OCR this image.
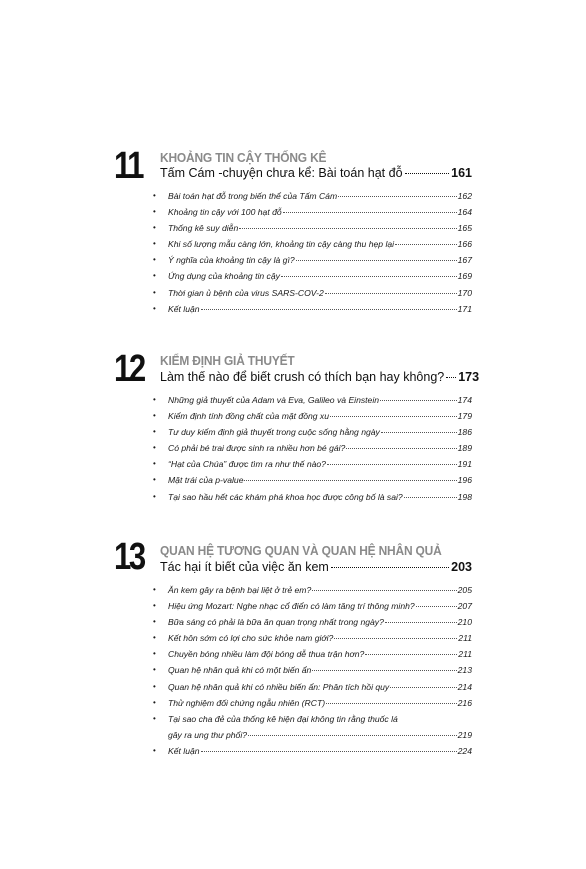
11 KHOẢNG TIN CẬY THỐNG KÊ
Tấm Cám -chuyện chưa kể: Bài toán hạt đỗ	161
• Bài toán hạt đỗ trong biến thể của Tấm Cám	162
• Khoảng tin cậy với 100 hạt đỗ	164
• Thống kê suy diễn	165
• Khi số lượng mẫu càng lớn, khoảng tin cậy càng thu hẹp lại	166
• Ý nghĩa của khoảng tin cậy là gì?	167
• Ứng dụng của khoảng tin cậy	169
• Thời gian ủ bệnh của virus SARS-COV-2	170
• Kết luận	171
12 KIỂM ĐỊNH GIẢ THUYẾT
Làm thế nào để biết crush có thích bạn hay không? 173
• Những giả thuyết của Adam và Eva, Galileo và Einstein	174
• Kiểm định tính đồng chất của mặt đồng xu	179
• Tư duy kiểm định giả thuyết trong cuộc sống hằng ngày	186
• Có phải bé trai được sinh ra nhiều hơn bé gái?	189
• “Hạt của Chúa” được tìm ra như thế nào?	191
• Mặt trái của p-value	196
• Tại sao hầu hết các khám phá khoa học được công bố là sai?	198
13 QUAN HỆ TƯƠNG QUAN VÀ QUAN HỆ NHÂN QUẢ
Tác hại ít biết của việc ăn kem	203
• Ăn kem gây ra bệnh bại liệt ở trẻ em?	205
• Hiệu ứng Mozart: Nghe nhạc cổ điển có làm tăng trí thông minh?	207
• Bữa sáng có phải là bữa ăn quan trọng nhất trong ngày?	210
• Kết hôn sớm có lợi cho sức khỏe nam giới?	211
• Chuyền bóng nhiều làm đội bóng dễ thua trận hơn?	211
• Quan hệ nhân quả khi có một biến ẩn	213
• Quan hệ nhân quả khi có nhiều biến ẩn: Phân tích hồi quy	214
• Thử nghiệm đối chứng ngẫu nhiên (RCT)	216
• Tại sao cha đẻ của thống kê hiện đại không tin rằng thuốc lá
gây ra ung thư phổi?	219
• Kết luận	224
